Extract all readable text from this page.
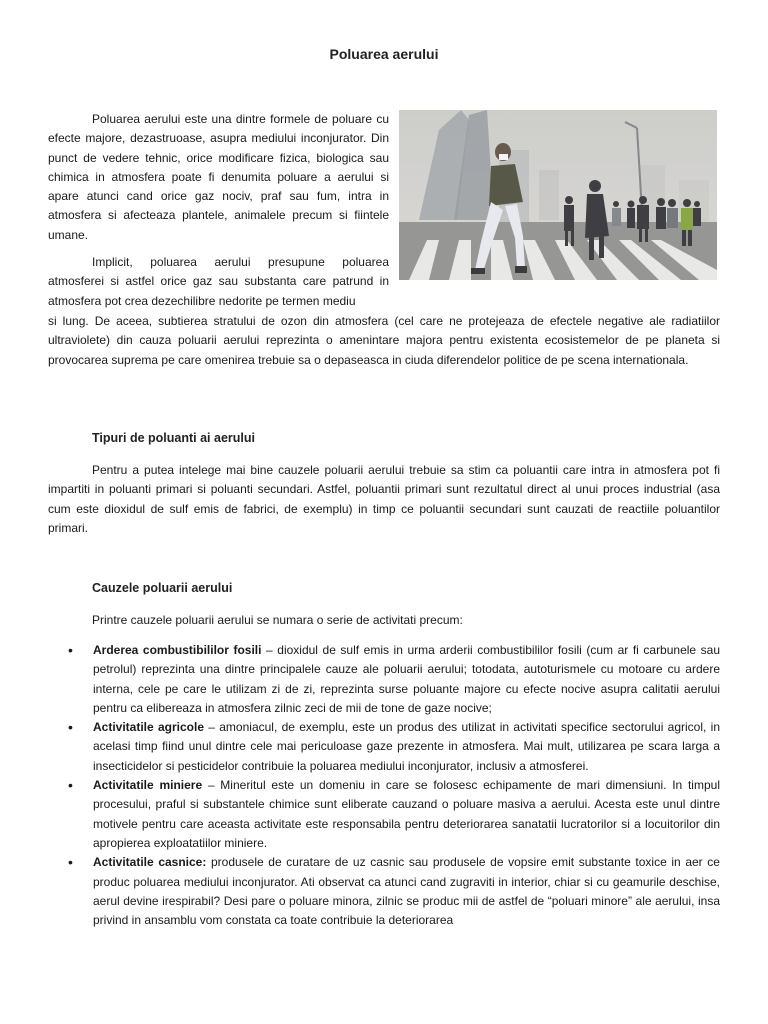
Poluarea aerului

Poluarea aerului este una dintre formele de poluare cu efecte majore, dezastruoase, asupra mediului inconjurator. Din punct de vedere tehnic, orice modificare fizica, biologica sau chimica in atmosfera poate fi denumita poluare a aerului si apare atunci cand orice gaz nociv, praf sau fum, intra in atmosfera si afecteaza plantele, animalele precum si fiintele umane.

Implicit, poluarea aerului presupune poluarea atmosferei si astfel orice gaz sau substanta care patrund in atmosfera pot crea dezechilibre nedorite pe termen mediu

si lung. De aceea, subtierea stratului de ozon din atmosfera (cel care ne protejeaza de efectele negative ale radiatiilor ultraviolete) din cauza poluarii aerului reprezinta o amenintare majora pentru existenta ecosistemelor de pe planeta si provocarea suprema pe care omenirea trebuie sa o depaseasca in ciuda diferendelor politice de pe scena internationala.

Tipuri de poluanti ai aerului

Pentru a putea intelege mai bine cauzele poluarii aerului trebuie sa stim ca poluantii care intra in atmosfera pot fi impartiti in poluanti primari si poluanti secundari. Astfel, poluantii primari sunt rezultatul direct al unui proces industrial (asa cum este dioxidul de sulf emis de fabrici, de exemplu) in timp ce poluantii secundari sunt cauzati de reactiile poluantilor primari.

Cauzele poluarii aerului

Printre cauzele poluarii aerului se numara o serie de activitati precum:

• Arderea combustibililor fosili – dioxidul de sulf emis in urma arderii combustibililor fosili (cum ar fi carbunele sau petrolul) reprezinta una dintre principalele cauze ale poluarii aerului; totodata, autoturismele cu motoare cu ardere interna, cele pe care le utilizam zi de zi, reprezinta surse poluante majore cu efecte nocive asupra calitatii aerului pentru ca elibereaza in atmosfera zilnic zeci de mii de tone de gaze nocive;
• Activitatile agricole – amoniacul, de exemplu, este un produs des utilizat in activitati specifice sectorului agricol, in acelasi timp fiind unul dintre cele mai periculoase gaze prezente in atmosfera. Mai mult, utilizarea pe scara larga a insecticidelor si pesticidelor contribuie la poluarea mediului inconjurator, inclusiv a atmosferei.
• Activitatile miniere – Mineritul este un domeniu in care se folosesc echipamente de mari dimensiuni. In timpul procesului, praful si substantele chimice sunt eliberate cauzand o poluare masiva a aerului. Acesta este unul dintre motivele pentru care aceasta activitate este responsabila pentru deteriorarea sanatatii lucratorilor si a locuitorilor din apropierea exploatatiilor miniere.
• Activitatile casnice: produsele de curatare de uz casnic sau produsele de vopsire emit substante toxice in aer ce produc poluarea mediului inconjurator. Ati observat ca atunci cand zugraviti in interior, chiar si cu geamurile deschise, aerul devine irespirabil? Desi pare o poluare minora, zilnic se produc mii de astfel de “poluari minore” ale aerului, insa privind in ansamblu vom constata ca toate contribuie la deteriorarea
